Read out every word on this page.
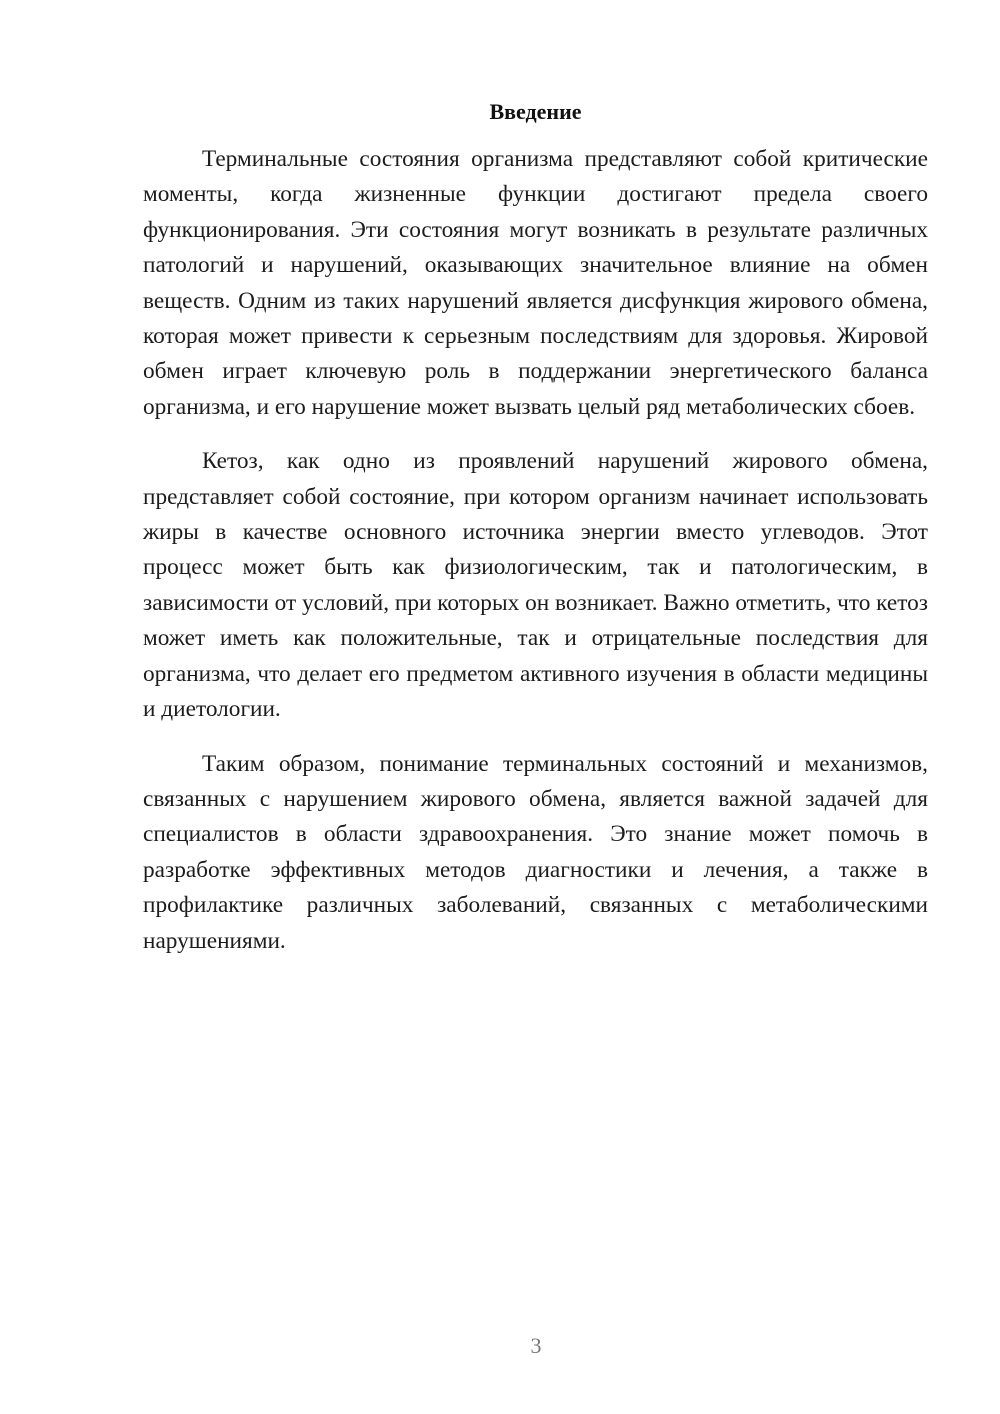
Введение

Терминальные состояния организма представляют собой критические моменты, когда жизненные функции достигают предела своего функционирования. Эти состояния могут возникать в результате различных патологий и нарушений, оказывающих значительное влияние на обмен веществ. Одним из таких нарушений является дисфункция жирового обмена, которая может привести к серьезным последствиям для здоровья. Жировой обмен играет ключевую роль в поддержании энергетического баланса организма, и его нарушение может вызвать целый ряд метаболических сбоев.

Кетоз, как одно из проявлений нарушений жирового обмена, представляет собой состояние, при котором организм начинает использовать жиры в качестве основного источника энергии вместо углеводов. Этот процесс может быть как физиологическим, так и патологическим, в зависимости от условий, при которых он возникает. Важно отметить, что кетоз может иметь как положительные, так и отрицательные последствия для организма, что делает его предметом активного изучения в области медицины и диетологии.

Таким образом, понимание терминальных состояний и механизмов, связанных с нарушением жирового обмена, является важной задачей для специалистов в области здравоохранения. Это знание может помочь в разработке эффективных методов диагностики и лечения, а также в профилактике различных заболеваний, связанных с метаболическими нарушениями.

3
